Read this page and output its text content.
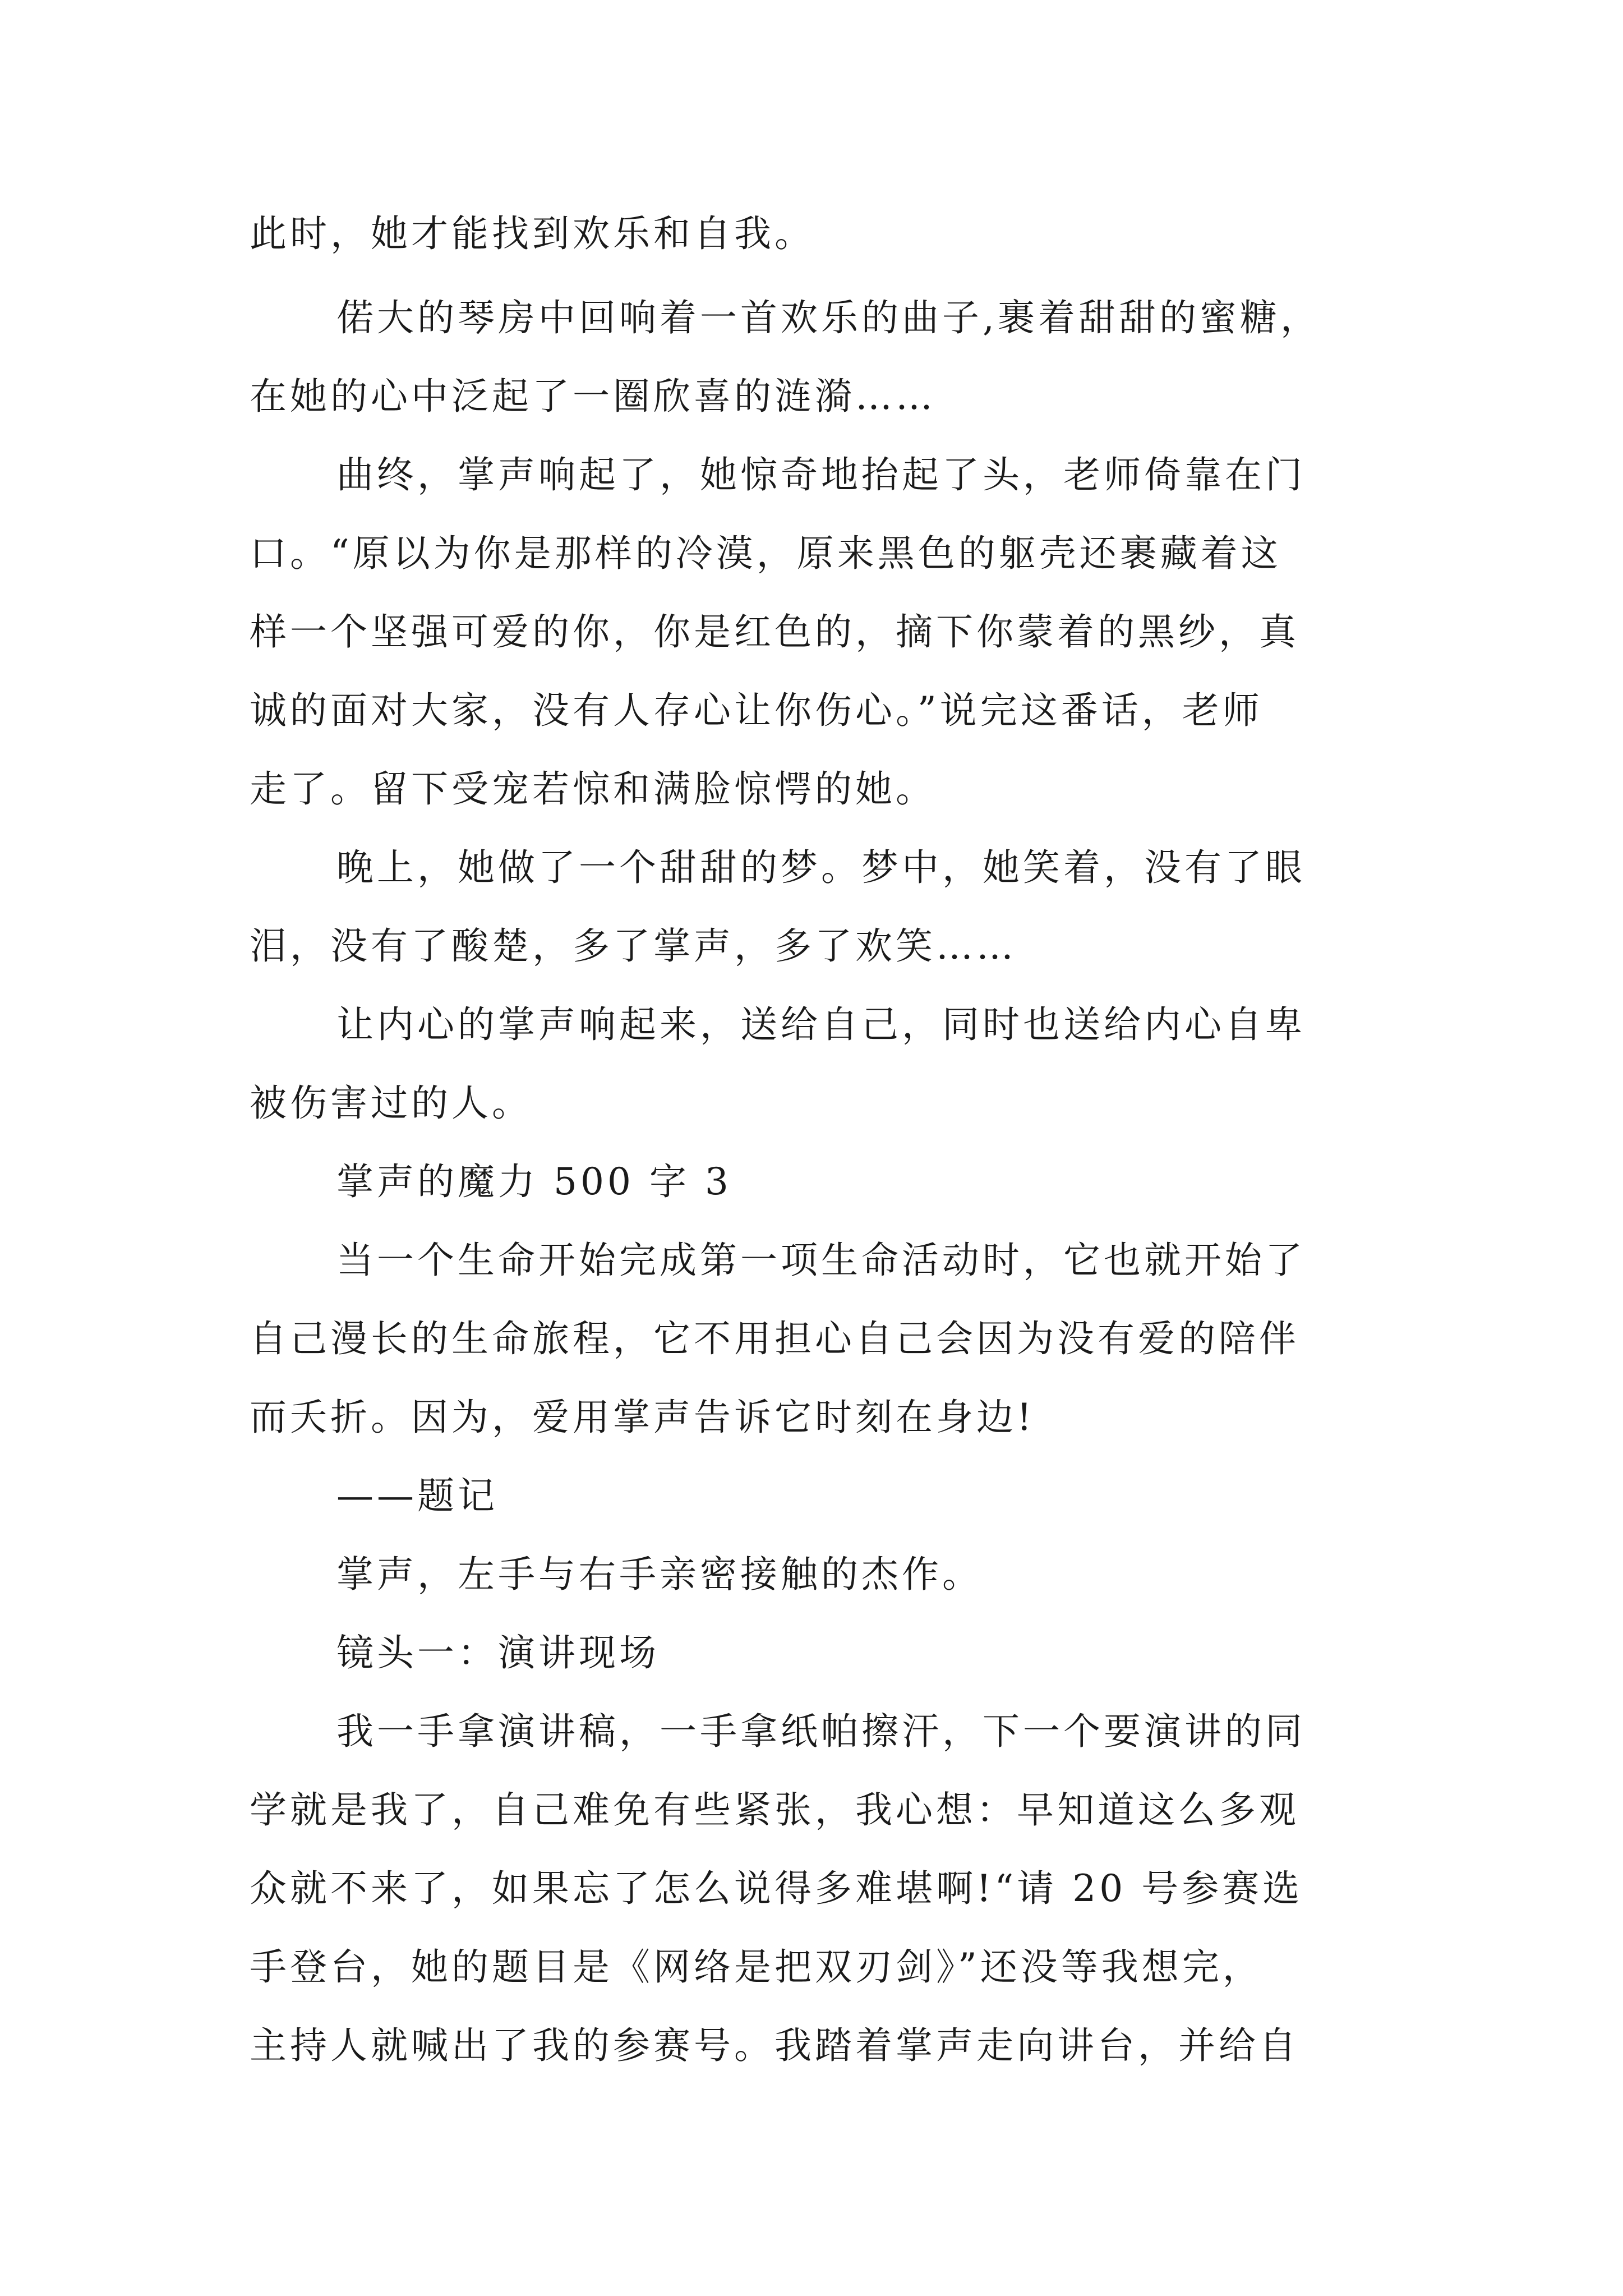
此时，她才能找到欢乐和自我。

偌大的琴房中回响着一首欢乐的曲子,裹着甜甜的蜜糖，

在她的心中泛起了一圈欣喜的涟漪……

曲终，掌声响起了，她惊奇地抬起了头，老师倚靠在门

口。“原以为你是那样的冷漠，原来黑色的躯壳还裹藏着这

样一个坚强可爱的你，你是红色的，摘下你蒙着的黑纱，真

诚的面对大家，没有人存心让你伤心。”说完这番话，老师

走了。留下受宠若惊和满脸惊愕的她。

晚上，她做了一个甜甜的梦。梦中，她笑着，没有了眼

泪，没有了酸楚，多了掌声，多了欢笑……

让内心的掌声响起来，送给自己，同时也送给内心自卑

被伤害过的人。

掌声的魔力 500 字 3

当一个生命开始完成第一项生命活动时，它也就开始了

自己漫长的生命旅程，它不用担心自己会因为没有爱的陪伴

而夭折。因为，爱用掌声告诉它时刻在身边!

——题记

掌声，左手与右手亲密接触的杰作。

镜头一：演讲现场

我一手拿演讲稿，一手拿纸帕擦汗，下一个要演讲的同

学就是我了，自己难免有些紧张，我心想：早知道这么多观

众就不来了，如果忘了怎么说得多难堪啊!“请 20 号参赛选

手登台，她的题目是《网络是把双刃剑》”还没等我想完，

主持人就喊出了我的参赛号。我踏着掌声走向讲台，并给自
